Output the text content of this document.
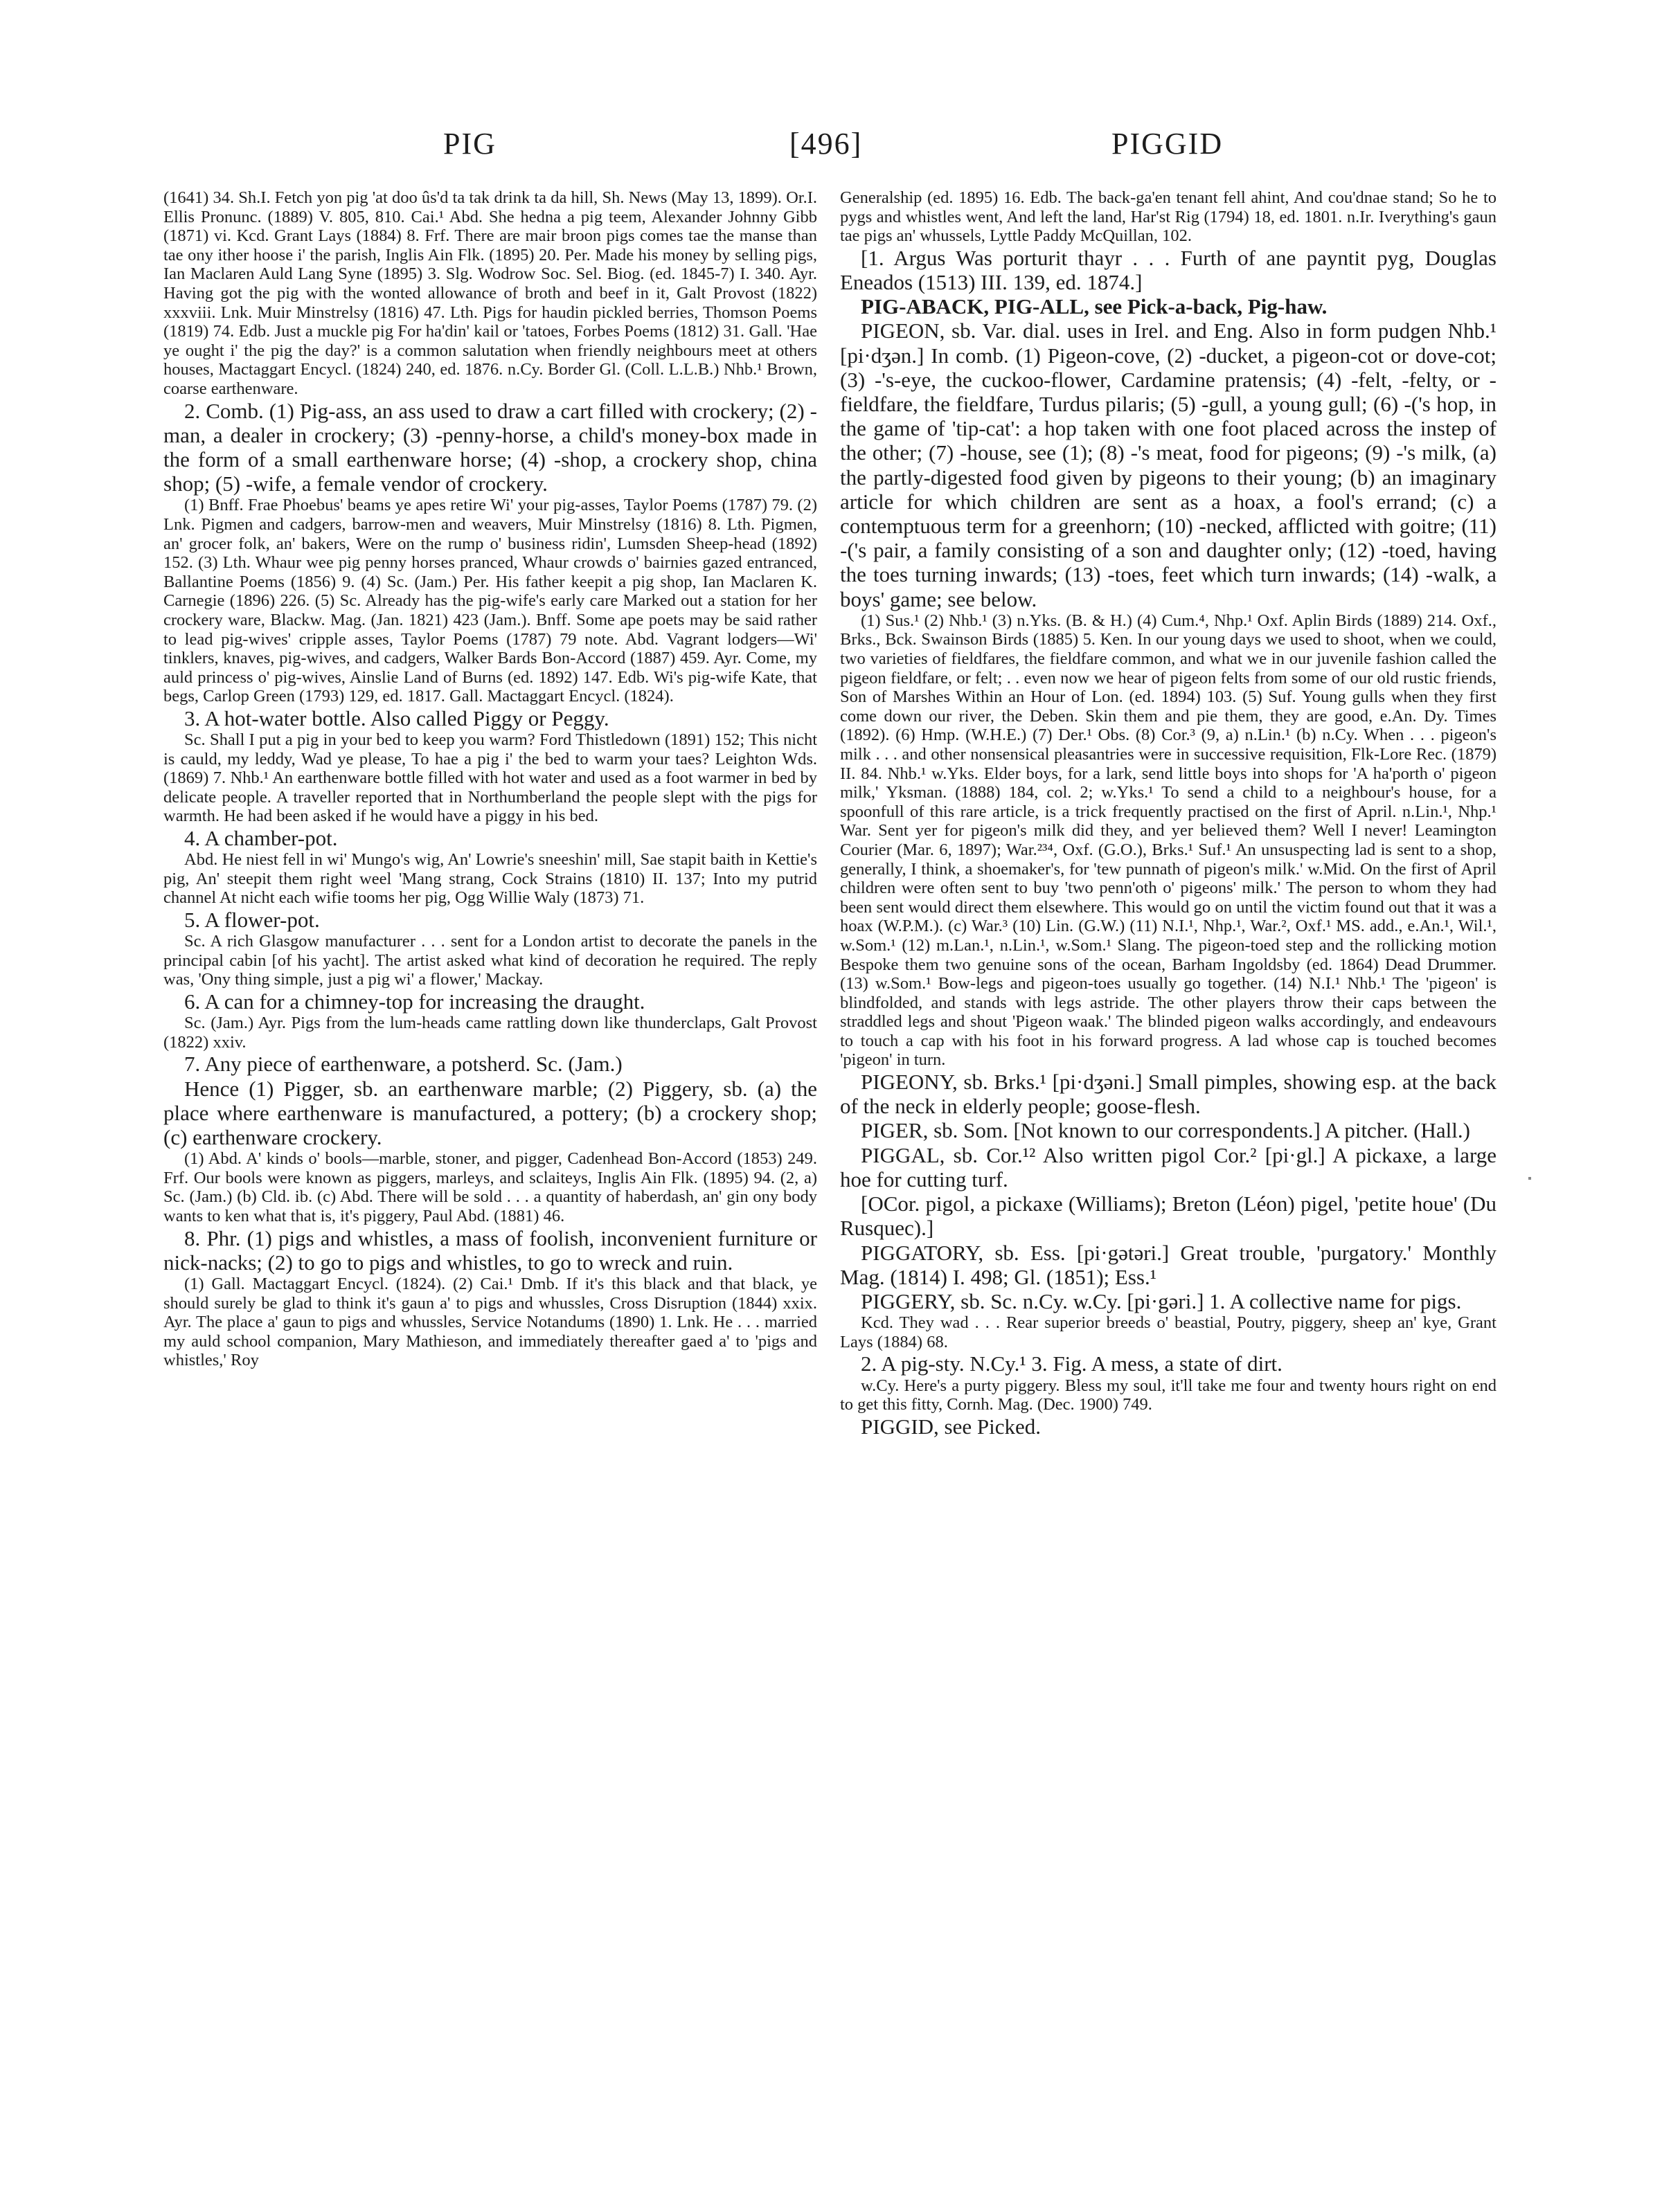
PIG	[496]	PIGGID

(1641) 34. Sh.I. Fetch yon pig 'at doo ûs'd ta tak drink ta da hill, Sh. News (May 13, 1899). Or.I. Ellis Pronunc. (1889) V. 805, 810. Cai.¹ Abd. She hedna a pig teem, Alexander Johnny Gibb (1871) vi. Kcd. Grant Lays (1884) 8. Frf. There are mair broon pigs comes tae the manse than tae ony ither hoose i' the parish, Inglis Ain Flk. (1895) 20. Per. Made his money by selling pigs, Ian Maclaren Auld Lang Syne (1895) 3. Slg. Wodrow Soc. Sel. Biog. (ed. 1845-7) I. 340. Ayr. Having got the pig with the wonted allowance of broth and beef in it, Galt Provost (1822) xxxviii. Lnk. Muir Minstrelsy (1816) 47. Lth. Pigs for haudin pickled berries, Thomson Poems (1819) 74. Edb. Just a muckle pig For ha'din' kail or 'tatoes, Forbes Poems (1812) 31. Gall. 'Hae ye ought i' the pig the day?' is a common salutation when friendly neighbours meet at others houses, Mactaggart Encycl. (1824) 240, ed. 1876. n.Cy. Border Gl. (Coll. L.L.B.) Nhb.¹ Brown, coarse earthenware.

2. Comb. (1) Pig-ass, an ass used to draw a cart filled with crockery; (2) -man, a dealer in crockery; (3) -penny-horse, a child's money-box made in the form of a small earthenware horse; (4) -shop, a crockery shop, china shop; (5) -wife, a female vendor of crockery.

(1) Bnff. Frae Phoebus' beams ye apes retire Wi' your pig-asses, Taylor Poems (1787) 79. (2) Lnk. Pigmen and cadgers, barrow-men and weavers, Muir Minstrelsy (1816) 8. Lth. Pigmen, an' grocer folk, an' bakers, Were on the rump o' business ridin', Lumsden Sheep-head (1892) 152. (3) Lth. Whaur wee pig penny horses pranced, Whaur crowds o' bairnies gazed entranced, Ballantine Poems (1856) 9. (4) Sc. (Jam.) Per. His father keepit a pig shop, Ian Maclaren K. Carnegie (1896) 226. (5) Sc. Already has the pig-wife's early care Marked out a station for her crockery ware, Blackw. Mag. (Jan. 1821) 423 (Jam.). Bnff. Some ape poets may be said rather to lead pig-wives' cripple asses, Taylor Poems (1787) 79 note. Abd. Vagrant lodgers—Wi' tinklers, knaves, pig-wives, and cadgers, Walker Bards Bon-Accord (1887) 459. Ayr. Come, my auld princess o' pig-wives, Ainslie Land of Burns (ed. 1892) 147. Edb. Wi's pig-wife Kate, that begs, Carlop Green (1793) 129, ed. 1817. Gall. Mactaggart Encycl. (1824).

3. A hot-water bottle. Also called Piggy or Peggy.

Sc. Shall I put a pig in your bed to keep you warm? Ford Thistledown (1891) 152; This nicht is cauld, my leddy, Wad ye please, To hae a pig i' the bed to warm your taes? Leighton Wds. (1869) 7. Nhb.¹ An earthenware bottle filled with hot water and used as a foot warmer in bed by delicate people. A traveller reported that in Northumberland the people slept with the pigs for warmth. He had been asked if he would have a piggy in his bed.

4. A chamber-pot.

Abd. He niest fell in wi' Mungo's wig, An' Lowrie's sneeshin' mill, Sae stapit baith in Kettie's pig, An' steepit them right weel 'Mang strang, Cock Strains (1810) II. 137; Into my putrid channel At nicht each wifie tooms her pig, Ogg Willie Waly (1873) 71.

5. A flower-pot.

Sc. A rich Glasgow manufacturer . . . sent for a London artist to decorate the panels in the principal cabin [of his yacht]. The artist asked what kind of decoration he required. The reply was, 'Ony thing simple, just a pig wi' a flower,' Mackay.

6. A can for a chimney-top for increasing the draught.

Sc. (Jam.) Ayr. Pigs from the lum-heads came rattling down like thunderclaps, Galt Provost (1822) xxiv.

7. Any piece of earthenware, a potsherd. Sc. (Jam.)

Hence (1) Pigger, sb. an earthenware marble; (2) Piggery, sb. (a) the place where earthenware is manufactured, a pottery; (b) a crockery shop; (c) earthenware crockery.

(1) Abd. A' kinds o' bools—marble, stoner, and pigger, Cadenhead Bon-Accord (1853) 249. Frf. Our bools were known as piggers, marleys, and sclaiteys, Inglis Ain Flk. (1895) 94. (2, a) Sc. (Jam.) (b) Cld. ib. (c) Abd. There will be sold . . . a quantity of haberdash, an' gin ony body wants to ken what that is, it's piggery, Paul Abd. (1881) 46.

8. Phr. (1) pigs and whistles, a mass of foolish, inconvenient furniture or nick-nacks; (2) to go to pigs and whistles, to go to wreck and ruin.

(1) Gall. Mactaggart Encycl. (1824). (2) Cai.¹ Dmb. If it's this black and that black, ye should surely be glad to think it's gaun a' to pigs and whussles, Cross Disruption (1844) xxix. Ayr. The place a' gaun to pigs and whussles, Service Notandums (1890) 1. Lnk. He . . . married my auld school companion, Mary Mathieson, and immediately thereafter gaed a' to 'pigs and whistles,' Roy

Generalship (ed. 1895) 16. Edb. The back-ga'en tenant fell ahint, And cou'dnae stand; So he to pygs and whistles went, And left the land, Har'st Rig (1794) 18, ed. 1801. n.Ir. Iverything's gaun tae pigs an' whussels, Lyttle Paddy McQuillan, 102.

[1. Argus Was porturit thayr . . . Furth of ane payntit pyg, Douglas Eneados (1513) III. 139, ed. 1874.]

PIG-ABACK, PIG-ALL, see Pick-a-back, Pig-haw.

PIGEON, sb. Var. dial. uses in Irel. and Eng. Also in form pudgen Nhb.¹ [pi·dʒən.] In comb. (1) Pigeon-cove, (2) -ducket, a pigeon-cot or dove-cot; (3) -'s-eye, the cuckoo-flower, Cardamine pratensis; (4) -felt, -felty, or -fieldfare, the fieldfare, Turdus pilaris; (5) -gull, a young gull; (6) -('s hop, in the game of 'tip-cat': a hop taken with one foot placed across the instep of the other; (7) -house, see (1); (8) -'s meat, food for pigeons; (9) -'s milk, (a) the partly-digested food given by pigeons to their young; (b) an imaginary article for which children are sent as a hoax, a fool's errand; (c) a contemptuous term for a greenhorn; (10) -necked, afflicted with goitre; (11) -('s pair, a family consisting of a son and daughter only; (12) -toed, having the toes turning inwards; (13) -toes, feet which turn inwards; (14) -walk, a boys' game; see below.

(1) Sus.¹ (2) Nhb.¹ (3) n.Yks. (B. & H.) (4) Cum.⁴, Nhp.¹ Oxf. Aplin Birds (1889) 214. Oxf., Brks., Bck. Swainson Birds (1885) 5. Ken. In our young days we used to shoot, when we could, two varieties of fieldfares, the fieldfare common, and what we in our juvenile fashion called the pigeon fieldfare, or felt; . . even now we hear of pigeon felts from some of our old rustic friends, Son of Marshes Within an Hour of Lon. (ed. 1894) 103. (5) Suf. Young gulls when they first come down our river, the Deben. Skin them and pie them, they are good, e.An. Dy. Times (1892). (6) Hmp. (W.H.E.) (7) Der.¹ Obs. (8) Cor.³ (9, a) n.Lin.¹ (b) n.Cy. When . . . pigeon's milk . . . and other nonsensical pleasantries were in successive requisition, Flk-Lore Rec. (1879) II. 84. Nhb.¹ w.Yks. Elder boys, for a lark, send little boys into shops for 'A ha'porth o' pigeon milk,' Yksman. (1888) 184, col. 2; w.Yks.¹ To send a child to a neighbour's house, for a spoonfull of this rare article, is a trick frequently practised on the first of April. n.Lin.¹, Nhp.¹ War. Sent yer for pigeon's milk did they, and yer believed them? Well I never! Leamington Courier (Mar. 6, 1897); War.²³⁴, Oxf. (G.O.), Brks.¹ Suf.¹ An unsuspecting lad is sent to a shop, generally, I think, a shoemaker's, for 'tew punnath of pigeon's milk.' w.Mid. On the first of April children were often sent to buy 'two penn'oth o' pigeons' milk.' The person to whom they had been sent would direct them elsewhere. This would go on until the victim found out that it was a hoax (W.P.M.). (c) War.³ (10) Lin. (G.W.) (11) N.I.¹, Nhp.¹, War.², Oxf.¹ MS. add., e.An.¹, Wil.¹, w.Som.¹ (12) m.Lan.¹, n.Lin.¹, w.Som.¹ Slang. The pigeon-toed step and the rollicking motion Bespoke them two genuine sons of the ocean, Barham Ingoldsby (ed. 1864) Dead Drummer. (13) w.Som.¹ Bow-legs and pigeon-toes usually go together. (14) N.I.¹ Nhb.¹ The 'pigeon' is blindfolded, and stands with legs astride. The other players throw their caps between the straddled legs and shout 'Pigeon waak.' The blinded pigeon walks accordingly, and endeavours to touch a cap with his foot in his forward progress. A lad whose cap is touched becomes 'pigeon' in turn.

PIGEONY, sb. Brks.¹ [pi·dʒəni.] Small pimples, showing esp. at the back of the neck in elderly people; goose-flesh.

PIGER, sb. Som. [Not known to our correspondents.] A pitcher. (Hall.)

PIGGAL, sb. Cor.¹² Also written pigol Cor.² [pi·gl.] A pickaxe, a large hoe for cutting turf.

[OCor. pigol, a pickaxe (Williams); Breton (Léon) pigel, 'petite houe' (Du Rusquec).]

PIGGATORY, sb. Ess. [pi·gətəri.] Great trouble, 'purgatory.' Monthly Mag. (1814) I. 498; Gl. (1851); Ess.¹

PIGGERY, sb. Sc. n.Cy. w.Cy. [pi·gəri.] 1. A collective name for pigs.

Kcd. They wad . . . Rear superior breeds o' beastial, Poutry, piggery, sheep an' kye, Grant Lays (1884) 68.

2. A pig-sty. N.Cy.¹ 3. Fig. A mess, a state of dirt.

w.Cy. Here's a purty piggery. Bless my soul, it'll take me four and twenty hours right on end to get this fitty, Cornh. Mag. (Dec. 1900) 749.

PIGGID, see Picked.
